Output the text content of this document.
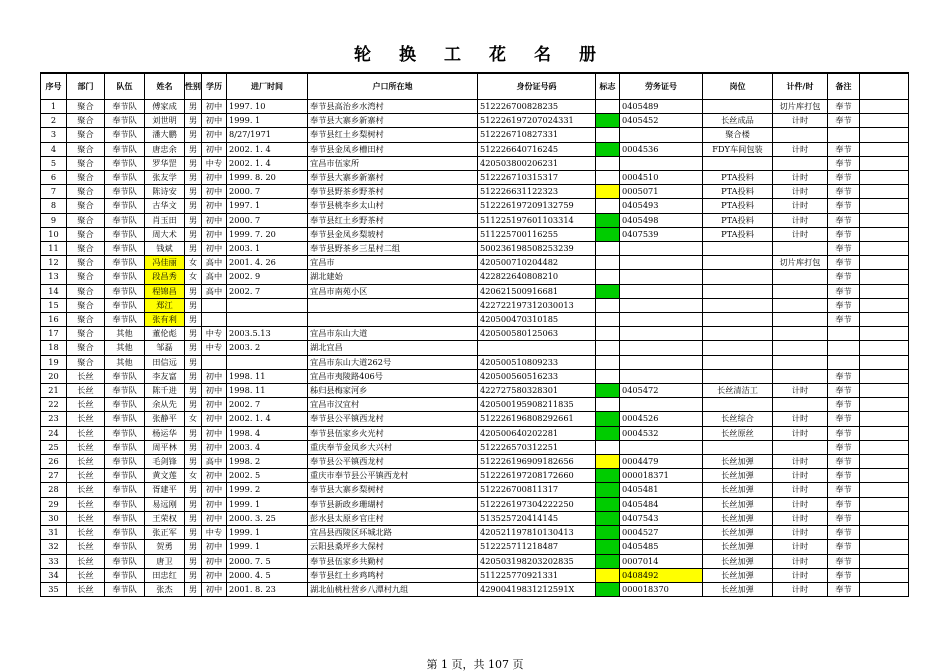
轮 换 工 花 名 册
序号	部门	队伍	姓名	性别	学历	进厂时间	户口所在地	身份证号码	标志	劳务证号	岗位	计件/时	备注	
1	聚合	奉节队	傅家成	男	初中	1997. 10	奉节县高治乡水湾村	512226700828235		0405489		切片库打包	奉节	
2	聚合	奉节队	刘世明	男	初中	1999. 1	奉节县大寨乡新寨村	512226197207024331		0405452	长丝成品	计时	奉节	
3	聚合	奉节队	潘大鹏	男	初中	8/27/1971	奉节县红土乡梨树村	512226710827331			聚合楼			
4	聚合	奉节队	唐忠余	男	初中	2002. 1. 4	奉节县金凤乡槽田村	512226640716245		0004536	FDY车间包装	计时	奉节	
5	聚合	奉节队	罗华罡	男	中专	2002. 1. 4	宜昌市伍家所	420503800206231					奉节	
6	聚合	奉节队	张友学	男	初中	1999. 8. 20	奉节县大寨乡新寨村	512226710315317		0004510	PTA投料	计时	奉节	
7	聚合	奉节队	陈诗安	男	初中	2000. 7	奉节县野茶乡野茶村	512226631122323		0005071	PTA投料	计时	奉节	
8	聚合	奉节队	古华文	男	初中	1997. 1	奉节县桃李乡太山村	512226197209132759		0405493	PTA投料	计时	奉节	
9	聚合	奉节队	肖玉田	男	初中	2000. 7	奉节县红土乡野茶村	511225197601103314		0405498	PTA投料	计时	奉节	
10	聚合	奉节队	周大术	男	初中	1999. 7. 20	奉节县金凤乡梨坡村	511225700116255		0407539	PTA投料	计时	奉节	
11	聚合	奉节队	钱斌	男	初中	2003. 1	奉节县野茶乡三星村二组	500236198508253239					奉节	
12	聚合	奉节队	冯佳丽	女	高中	2001. 4. 26	宜昌市	420500710204482				切片库打包	奉节	
13	聚合	奉节队	段昌秀	女	高中	2002. 9	湖北建始	422822640808210					奉节	
14	聚合	奉节队	程锦昌	男	高中	2002. 7	宜昌市南苑小区	420621500916681					奉节	
15	聚合	奉节队	郑江	男				422722197312030013					奉节	
16	聚合	奉节队	张有利	男				420500470310185					奉节	
17	聚合	其他	董伦彪	男	中专	2003.5.13	宜昌市东山大道	420500580125063						
18	聚合	其他	邹磊	男	中专	2003. 2	湖北宜昌							
19	聚合	其他	田信远	男			宜昌市东山大道262号	420500510809233						
20	长丝	奉节队	李友富	男	初中	1998. 11	宜昌市夷陵路406号	420500560516233					奉节	
21	长丝	奉节队	陈千进	男	初中	1998. 11	秭归县梅家河乡	422727580328301		0405472	长丝清洁工	计时	奉节	
22	长丝	奉节队	余从先	男	初中	2002. 7	宜昌市汉宜村	420500195908211835					奉节	
23	长丝	奉节队	张静平	女	初中	2002. 1. 4	奉节县公平镇西龙村	512226196808292661		0004526	长丝综合	计时	奉节	
24	长丝	奉节队	杨运华	男	初中	1998. 4	奉节县伍家乡火光村	420500640202281		0004532	长丝原丝	计时	奉节	
25	长丝	奉节队	周平林	男	初中	2003. 4	重庆奉节金凤乡大兴村	512226570312251					奉节	
26	长丝	奉节队	毛剑锋	男	高中	1998. 2	奉节县公平镇西龙村	512226196909182656		0004479	长丝加弹	计时	奉节	
27	长丝	奉节队	黄文莲	女	初中	2002. 5	重庆市奉节县公平镇西龙村	512226197208172660		000018371	长丝加弹	计时	奉节	
28	长丝	奉节队	胥建平	男	初中	1999. 2	奉节县大寨乡梨树村	512226700811317		0405481	长丝加弹	计时	奉节	
29	长丝	奉节队	易远刚	男	初中	1999. 1	奉节县新政乡珊瑚村	512226197304222250		0405484	长丝加弹	计时	奉节	
30	长丝	奉节队	王荣权	男	初中	2000. 3. 25	彭水县太原乡官庄村	513525720414145		0407543	长丝加弹	计时	奉节	
31	长丝	奉节队	张正军	男	中专	1999. 1	宜昌县西陵区环城北路	420521197810130413		0004527	长丝加弹	计时	奉节	
32	长丝	奉节队	贺勇	男	初中	1999. 1	云阳县桑坪乡大保村	512225711218487		0405485	长丝加弹	计时	奉节	
33	长丝	奉节队	唐卫	男	初中	2000. 7. 5	奉节县伍家乡共勤村	420503198203202835		0007014	长丝加弹	计时	奉节	
34	长丝	奉节队	田忠红	男	初中	2000. 4. 5	奉节县红土乡鸡鸣村	511225770921331		0408492	长丝加弹	计时	奉节	
35	长丝	奉节队	张杰	男	初中	2001. 8. 23	湖北仙桃杜营乡八潭村九组	42900419831212591X		000018370	长丝加弹	计时	奉节	
第 1 页，共 107 页
